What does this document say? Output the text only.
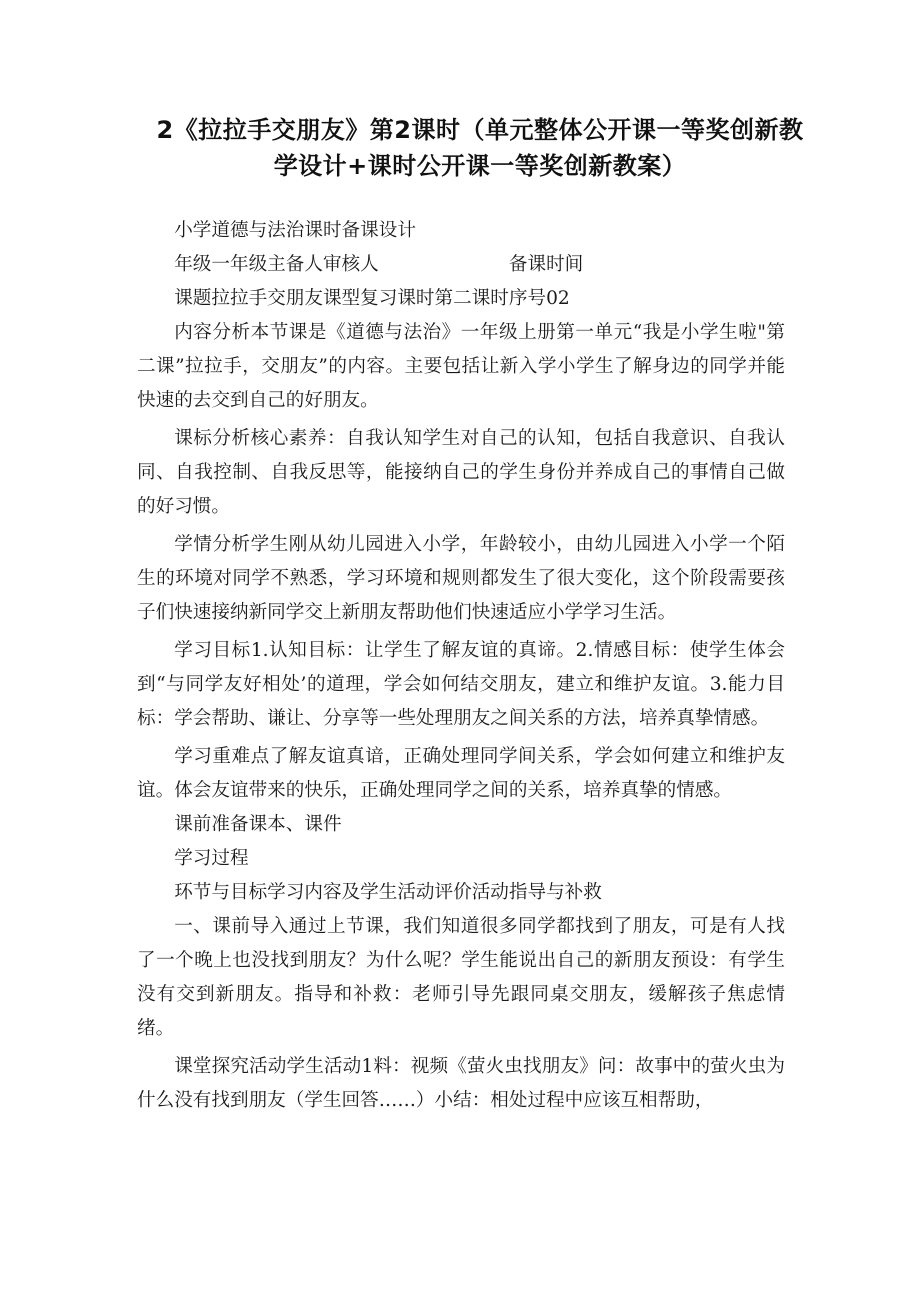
2《拉拉手交朋友》第2课时（单元整体公开课一等奖创新教学设计+课时公开课一等奖创新教案）

小学道德与法治课时备课设计

年级一年级主备人审核人　　　　　　　备课时间

课题拉拉手交朋友课型复习课时第二课时序号02

内容分析本节课是《道德与法治》一年级上册第一单元“我是小学生啦"第二课”拉拉手，交朋友”的内容。主要包括让新入学小学生了解身边的同学并能快速的去交到自己的好朋友。

课标分析核心素养：自我认知学生对自己的认知，包括自我意识、自我认同、自我控制、自我反思等，能接纳自己的学生身份并养成自己的事情自己做的好习惯。

学情分析学生刚从幼儿园进入小学，年龄较小，由幼儿园进入小学一个陌生的环境对同学不熟悉，学习环境和规则都发生了很大变化，这个阶段需要孩子们快速接纳新同学交上新朋友帮助他们快速适应小学学习生活。

学习目标1.认知目标：让学生了解友谊的真谛。2.情感目标：使学生体会到“与同学友好相处’的道理，学会如何结交朋友，建立和维护友谊。3.能力目标：学会帮助、谦让、分享等一些处理朋友之间关系的方法，培养真挚情感。

学习重难点了解友谊真谙，正确处理同学间关系，学会如何建立和维护友谊。体会友谊带来的快乐，正确处理同学之间的关系，培养真挚的情感。

课前准备课本、课件

学习过程

环节与目标学习内容及学生活动评价活动指导与补救

一、课前导入通过上节课，我们知道很多同学都找到了朋友，可是有人找了一个晚上也没找到朋友？为什么呢？学生能说出自己的新朋友预设：有学生没有交到新朋友。指导和补救：老师引导先跟同桌交朋友，缓解孩子焦虑情绪。

课堂探究活动学生活动1料：视频《萤火虫找朋友》问：故事中的萤火虫为什么没有找到朋友（学生回答……）小结：相处过程中应该互相帮助，
